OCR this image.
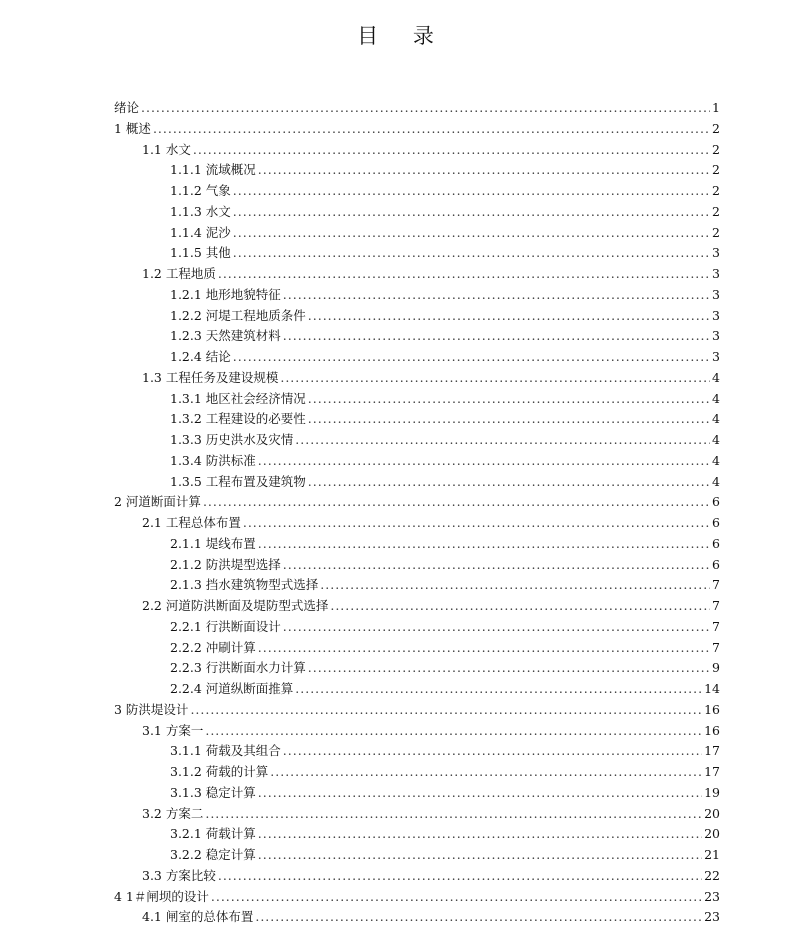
目 录
绪论 .....	1
1 概述 .....	2
1.1 水文 .....	2
1.1.1 流域概况 .....	2
1.1.2 气象 .....	2
1.1.3 水文 .....	2
1.1.4 泥沙 .....	2
1.1.5 其他 .....	3
1.2 工程地质 .....	3
1.2.1 地形地貌特征 .....	3
1.2.2 河堤工程地质条件 .....	3
1.2.3 天然建筑材料 .....	3
1.2.4 结论 .....	3
1.3 工程任务及建设规模 .....	4
1.3.1 地区社会经济情况 .....	4
1.3.2 工程建设的必要性 .....	4
1.3.3 历史洪水及灾情 .....	4
1.3.4 防洪标准 .....	4
1.3.5 工程布置及建筑物 .....	4
2 河道断面计算 .....	6
2.1 工程总体布置 .....	6
2.1.1 堤线布置 .....	6
2.1.2 防洪堤型选择 .....	6
2.1.3 挡水建筑物型式选择 .....	7
2.2 河道防洪断面及堤防型式选择 .....	7
2.2.1 行洪断面设计 .....	7
2.2.2 冲刷计算 .....	7
2.2.3 行洪断面水力计算 .....	9
2.2.4 河道纵断面推算 .....	14
3 防洪堤设计 .....	16
3.1 方案一 .....	16
3.1.1 荷载及其组合 .....	17
3.1.2 荷载的计算 .....	17
3.1.3 稳定计算 .....	19
3.2 方案二 .....	20
3.2.1 荷载计算 .....	20
3.2.2 稳定计算 .....	21
3.3 方案比较 .....	22
4 1＃闸坝的设计 .....	23
4.1 闸室的总体布置 .....	23
